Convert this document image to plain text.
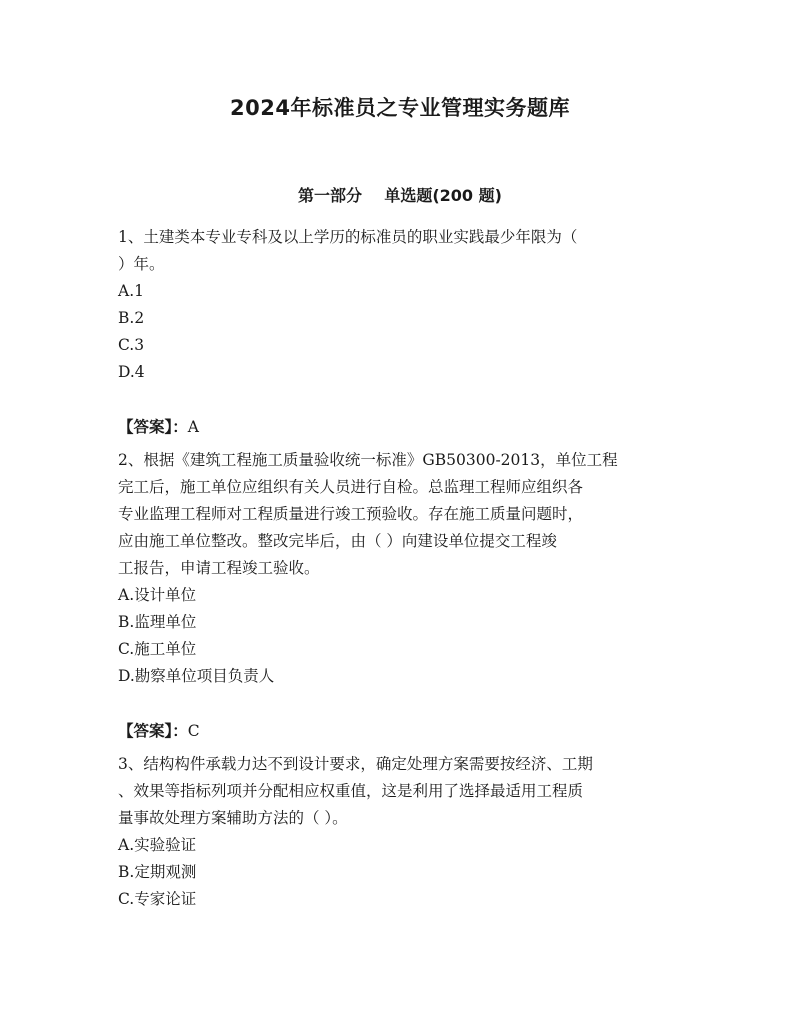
2024年标准员之专业管理实务题库
第一部分    单选题(200 题)
1、土建类本专业专科及以上学历的标准员的职业实践最少年限为（
）年。
A.1
B.2
C.3
D.4
【答案】：A
2、根据《建筑工程施工质量验收统一标准》GB50300-2013，单位工程
完工后，施工单位应组织有关人员进行自检。总监理工程师应组织各
专业监理工程师对工程质量进行竣工预验收。存在施工质量问题时，
应由施工单位整改。整改完毕后，由（ ）向建设单位提交工程竣
工报告，申请工程竣工验收。
A.设计单位
B.监理单位
C.施工单位
D.勘察单位项目负责人
【答案】：C
3、结构构件承载力达不到设计要求，确定处理方案需要按经济、工期
、效果等指标列项并分配相应权重值，这是利用了选择最适用工程质
量事故处理方案辅助方法的（ ）。
A.实验验证
B.定期观测
C.专家论证
